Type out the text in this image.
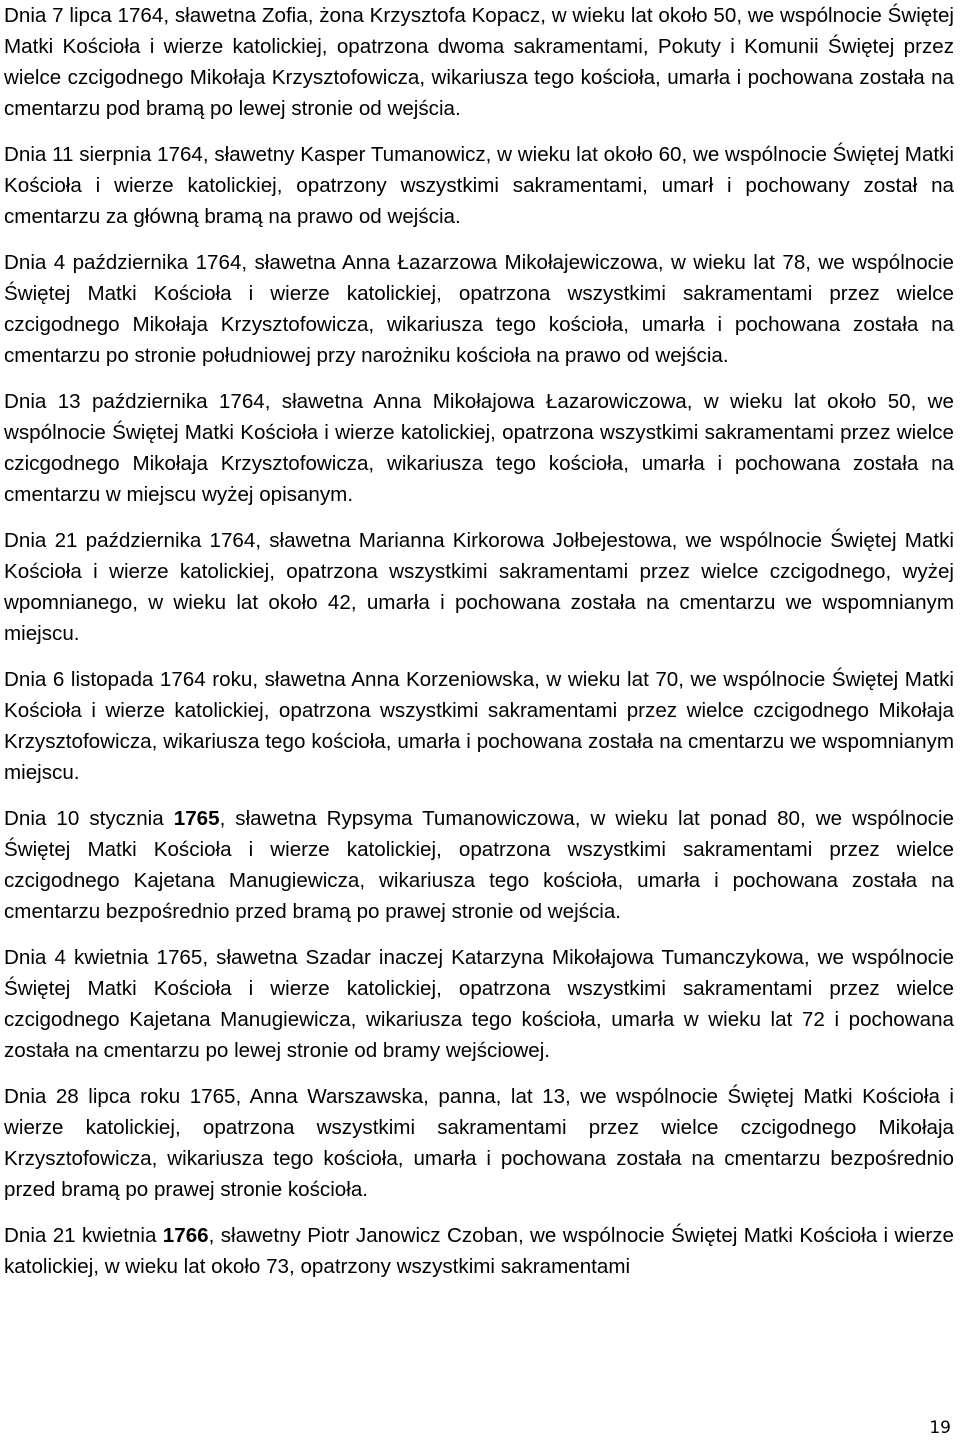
Dnia 7 lipca 1764, sławetna Zofia, żona Krzysztofa Kopacz, w wieku lat około 50, we wspólnocie Świętej Matki Kościoła i wierze katolickiej, opatrzona dwoma sakramentami, Pokuty i Komunii Świętej przez wielce czcigodnego Mikołaja Krzysztofowicza, wikariusza tego kościoła, umarła i pochowana została na cmentarzu pod bramą po lewej stronie od wejścia.

Dnia 11 sierpnia 1764, sławetny Kasper Tumanowicz, w wieku lat około 60, we wspólnocie Świętej Matki Kościoła i wierze katolickiej, opatrzony wszystkimi sakramentami, umarł i pochowany został na cmentarzu za główną bramą na prawo od wejścia.

Dnia 4 października 1764, sławetna Anna Łazarzowa Mikołajewiczowa, w wieku lat 78, we wspólnocie Świętej Matki Kościoła i wierze katolickiej, opatrzona wszystkimi sakramentami przez wielce czcigodnego Mikołaja Krzysztofowicza, wikariusza tego kościoła, umarła i pochowana została na cmentarzu po stronie południowej przy narożniku kościoła na prawo od wejścia.

Dnia 13 października 1764, sławetna Anna Mikołajowa Łazarowiczowa, w wieku lat około 50, we wspólnocie Świętej Matki Kościoła i wierze katolickiej, opatrzona wszystkimi sakramentami przez wielce czicgodnego Mikołaja Krzysztofowicza, wikariusza tego kościoła, umarła i pochowana została na cmentarzu w miejscu wyżej opisanym.

Dnia 21 października 1764, sławetna Marianna Kirkorowa Jołbejestowa, we wspólnocie Świętej Matki Kościoła i wierze katolickiej, opatrzona wszystkimi sakramentami przez wielce czcigodnego, wyżej wpomnianego, w wieku lat około 42, umarła i pochowana została na cmentarzu we wspomnianym miejscu.

Dnia 6 listopada 1764 roku, sławetna Anna Korzeniowska, w wieku lat 70, we wspólnocie Świętej Matki Kościoła i wierze katolickiej, opatrzona wszystkimi sakramentami przez wielce czcigodnego Mikołaja Krzysztofowicza, wikariusza tego kościoła, umarła i pochowana została na cmentarzu we wspomnianym miejscu.

Dnia 10 stycznia 1765, sławetna Rypsyma Tumanowiczowa, w wieku lat ponad 80, we wspólnocie Świętej Matki Kościoła i wierze katolickiej, opatrzona wszystkimi sakramentami przez wielce czcigodnego Kajetana Manugiewicza, wikariusza tego kościoła, umarła i pochowana została na cmentarzu bezpośrednio przed bramą po prawej stronie od wejścia.

Dnia 4 kwietnia 1765, sławetna Szadar inaczej Katarzyna Mikołajowa Tumanczykowa, we wspólnocie Świętej Matki Kościoła i wierze katolickiej, opatrzona wszystkimi sakramentami przez wielce czcigodnego Kajetana Manugiewicza, wikariusza tego kościoła, umarła w wieku lat 72 i pochowana została na cmentarzu po lewej stronie od bramy wejściowej.

Dnia 28 lipca roku 1765, Anna Warszawska, panna, lat 13, we wspólnocie Świętej Matki Kościoła i wierze katolickiej, opatrzona wszystkimi sakramentami przez wielce czcigodnego Mikołaja Krzysztofowicza, wikariusza tego kościoła, umarła i pochowana została na cmentarzu bezpośrednio przed bramą po prawej stronie kościoła.

Dnia 21 kwietnia 1766, sławetny Piotr Janowicz Czoban, we wspólnocie Świętej Matki Kościoła i wierze katolickiej, w wieku lat około 73, opatrzony wszystkimi sakramentami

19
